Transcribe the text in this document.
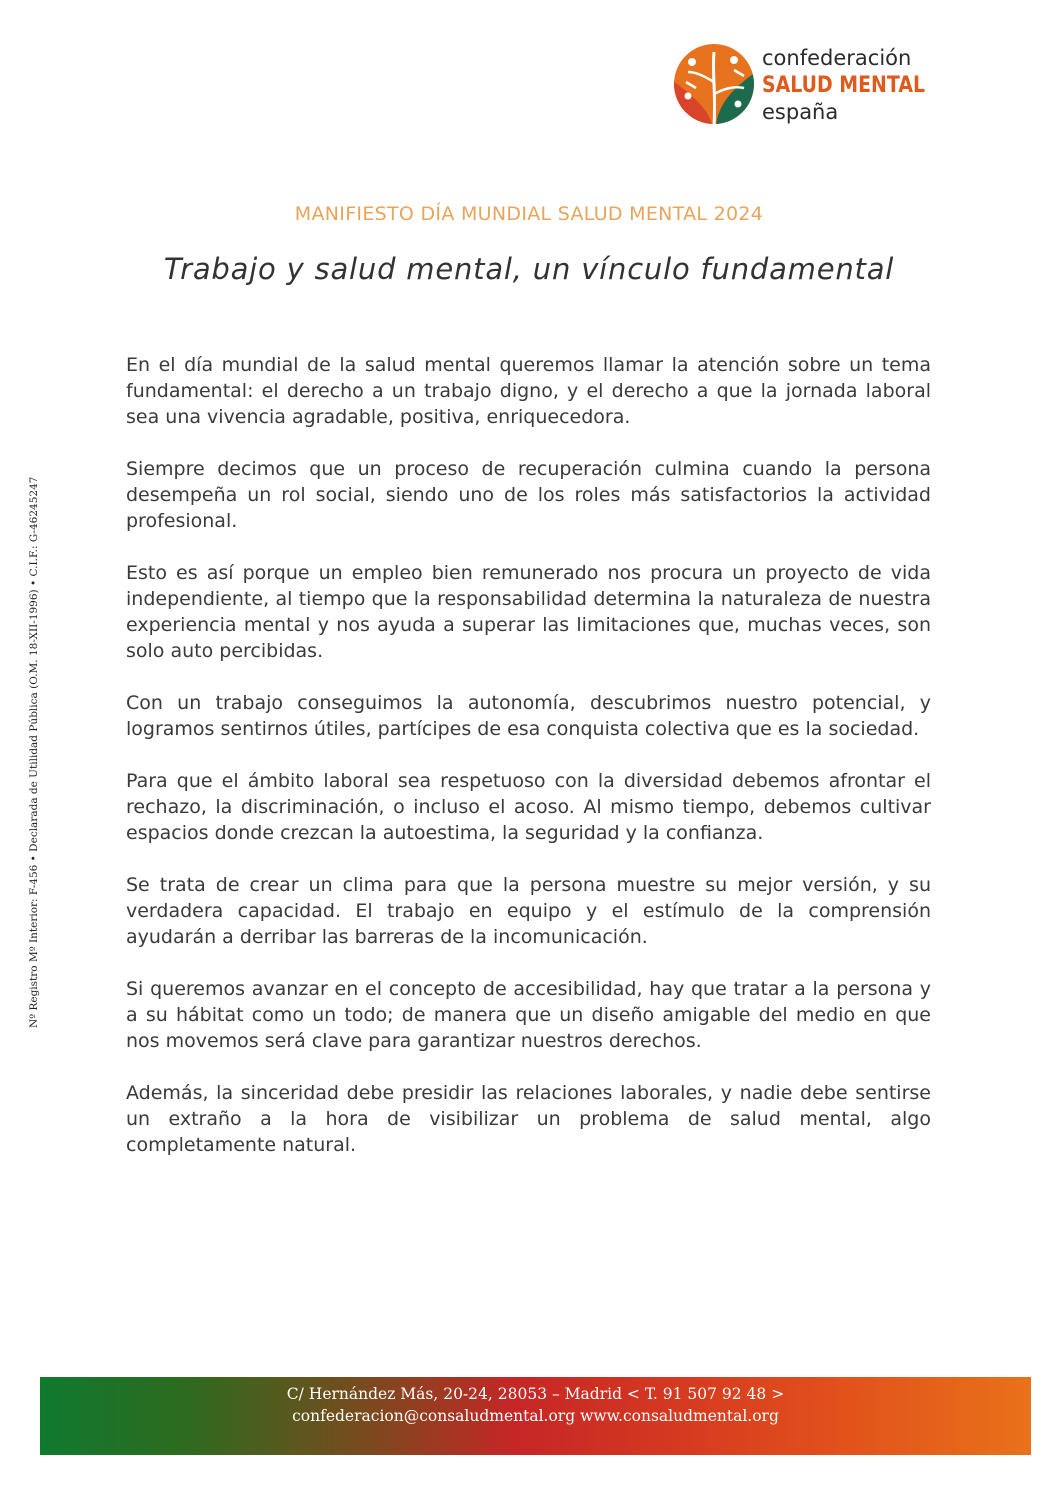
confederación
SALUD MENTAL
españa
MANIFIESTO DÍA MUNDIAL SALUD MENTAL 2024
Trabajo y salud mental, un vínculo fundamental

En el día mundial de la salud mental queremos llamar la atención sobre un tema fundamental: el derecho a un trabajo digno, y el derecho a que la jornada laboral sea una vivencia agradable, positiva, enriquecedora.

Siempre decimos que un proceso de recuperación culmina cuando la persona desempeña un rol social, siendo uno de los roles más satisfactorios la actividad profesional.

Esto es así porque un empleo bien remunerado nos procura un proyecto de vida independiente, al tiempo que la responsabilidad determina la naturaleza de nuestra experiencia mental y nos ayuda a superar las limitaciones que, muchas veces, son solo auto percibidas.

Con un trabajo conseguimos la autonomía, descubrimos nuestro potencial, y logramos sentirnos útiles, partícipes de esa conquista colectiva que es la sociedad.

Para que el ámbito laboral sea respetuoso con la diversidad debemos afrontar el rechazo, la discriminación, o incluso el acoso. Al mismo tiempo, debemos cultivar espacios donde crezcan la autoestima, la seguridad y la confianza.

Se trata de crear un clima para que la persona muestre su mejor versión, y su verdadera capacidad. El trabajo en equipo y el estímulo de la comprensión ayudarán a derribar las barreras de la incomunicación.

Si queremos avanzar en el concepto de accesibilidad, hay que tratar a la persona y a su hábitat como un todo; de manera que un diseño amigable del medio en que nos movemos será clave para garantizar nuestros derechos.

Además, la sinceridad debe presidir las relaciones laborales, y nadie debe sentirse un extraño a la hora de visibilizar un problema de salud mental, algo completamente natural.

Nº Registro Mº Interior: F-456 • Declarada de Utilidad Pública (O.M. 18-XII-1996) • C.I.F.: G-46245247
C/ Hernández Más, 20-24, 28053 – Madrid < T. 91 507 92 48 >
confederacion@consaludmental.org www.consaludmental.org
